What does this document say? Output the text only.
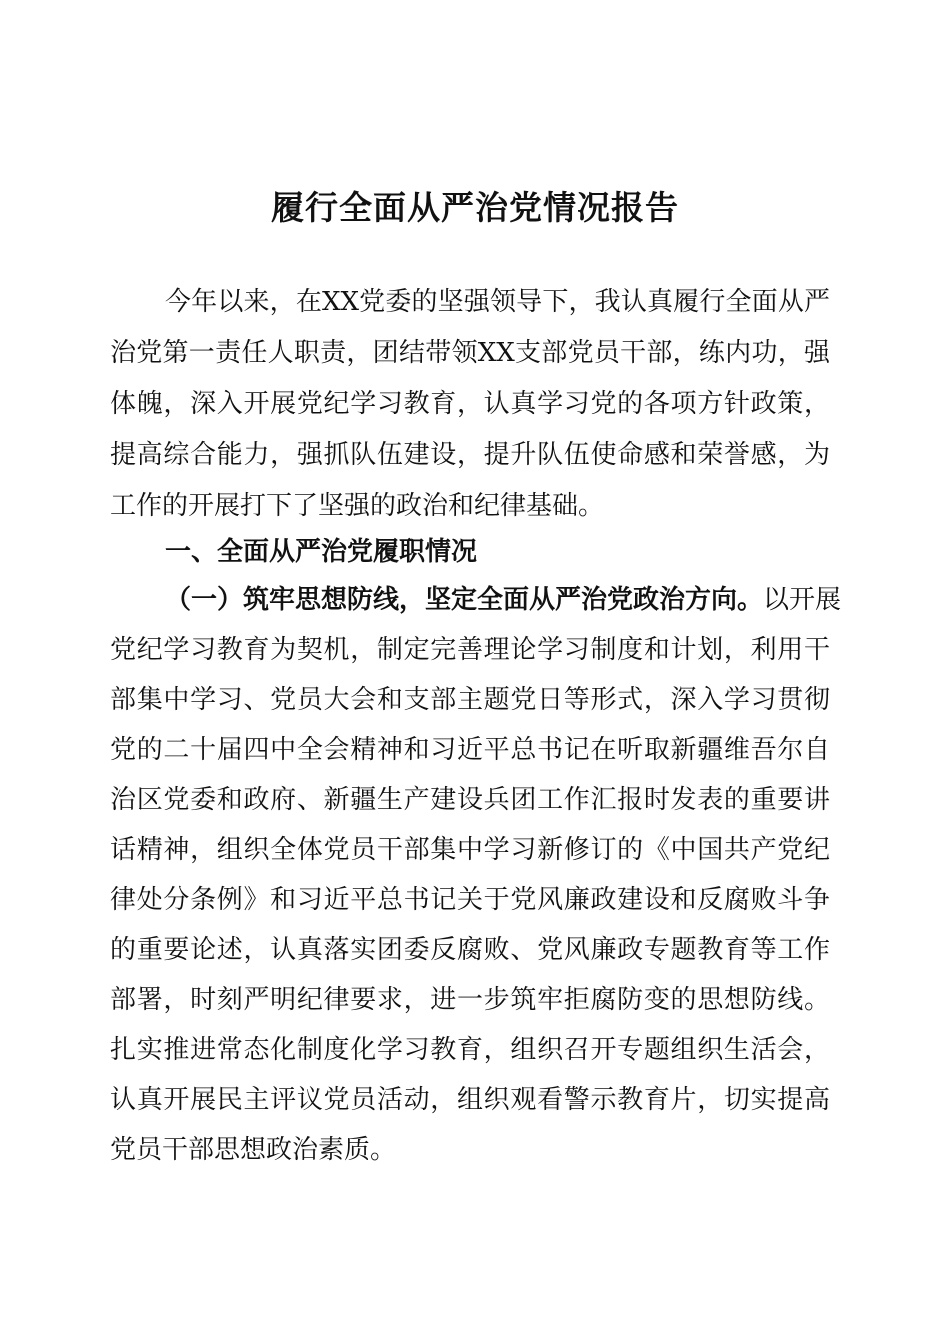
履行全面从严治党情况报告
今年以来，在XX党委的坚强领导下，我认真履行全面从严
治党第一责任人职责，团结带领XX支部党员干部，练内功，强
体魄，深入开展党纪学习教育，认真学习党的各项方针政策，
提高综合能力，强抓队伍建设，提升队伍使命感和荣誉感，为
工作的开展打下了坚强的政治和纪律基础。
一、全面从严治党履职情况
（一）筑牢思想防线，坚定全面从严治党政治方向。以开展
党纪学习教育为契机，制定完善理论学习制度和计划，利用干
部集中学习、党员大会和支部主题党日等形式，深入学习贯彻
党的二十届四中全会精神和习近平总书记在听取新疆维吾尔自
治区党委和政府、新疆生产建设兵团工作汇报时发表的重要讲
话精神，组织全体党员干部集中学习新修订的《中国共产党纪
律处分条例》和习近平总书记关于党风廉政建设和反腐败斗争
的重要论述，认真落实团委反腐败、党风廉政专题教育等工作
部署，时刻严明纪律要求，进一步筑牢拒腐防变的思想防线。
扎实推进常态化制度化学习教育，组织召开专题组织生活会，
认真开展民主评议党员活动，组织观看警示教育片，切实提高
党员干部思想政治素质。
